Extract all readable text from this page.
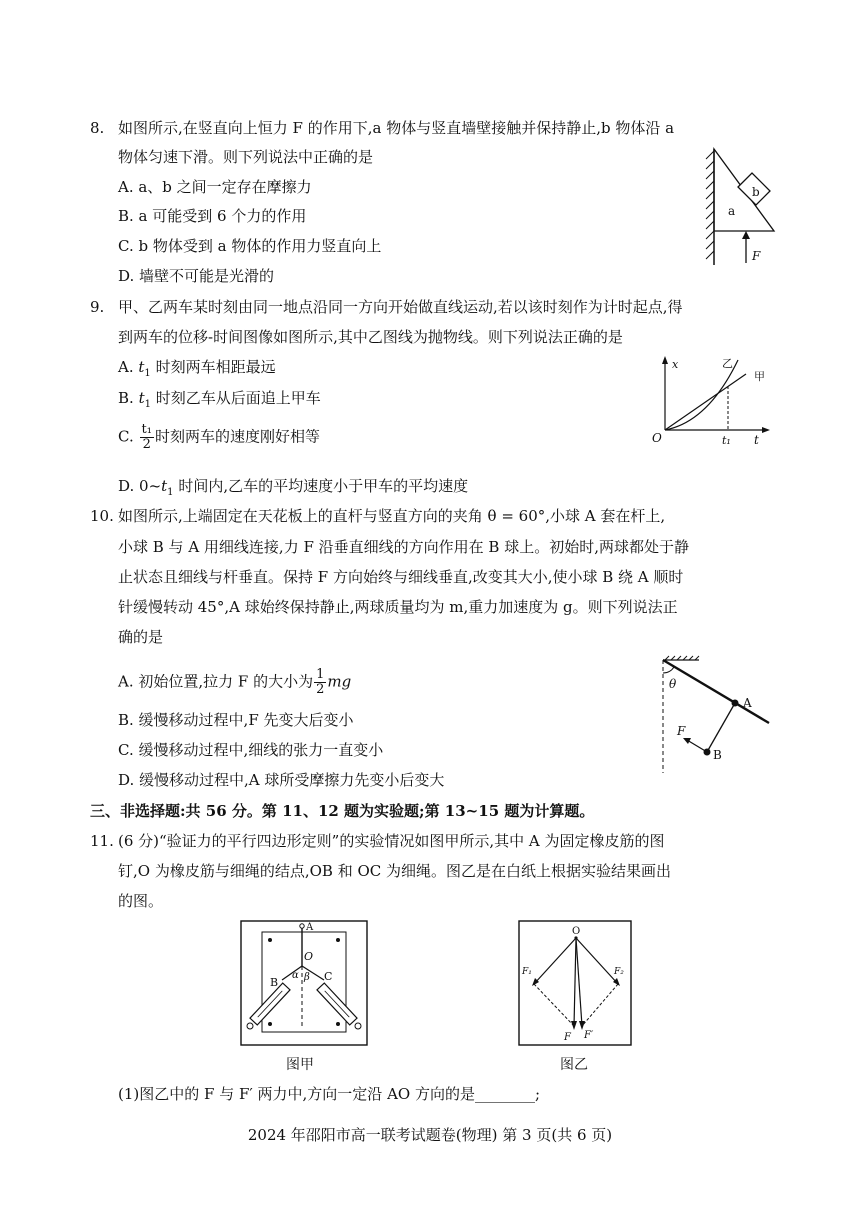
8. 如图所示,在竖直向上恒力 F 的作用下,a 物体与竖直墙壁接触并保持静止,b 物体沿 a
物体匀速下滑。则下列说法中正确的是
A. a、b 之间一定存在摩擦力
B. a 可能受到 6 个力的作用
C. b 物体受到 a 物体的作用力竖直向上
D. 墙壁不可能是光滑的
a
b
F
9. 甲、乙两车某时刻由同一地点沿同一方向开始做直线运动,若以该时刻作为计时起点,得
到两车的位移-时间图像如图所示,其中乙图线为抛物线。则下列说法正确的是
A. $t_1$ 时刻两车相距最远
B. $t_1$ 时刻乙车从后面追上甲车
C. $\frac{\text{t₁}}{2}$ 时刻两车的速度刚好相等
D. $0\sim t_1$ 时间内,乙车的平均速度小于甲车的平均速度
x	乙
甲
O	t₁ t
10. 如图所示,上端固定在天花板上的直杆与竖直方向的夹角 θ = 60°,小球 A 套在杆上,
小球 B 与 A 用细线连接,力 F 沿垂直细线的方向作用在 B 球上。初始时,两球都处于静
止状态且细线与杆垂直。保持 F 方向始终与细线垂直,改变其大小,使小球 B 绕 A 顺时
针缓慢转动 45°,A 球始终保持静止,两球质量均为 m,重力加速度为 g。则下列说法正
确的是
A. 初始位置,拉力 F 的大小为 $\frac{1}{2}$ mg
B. 缓慢移动过程中,F 先变大后变小
C. 缓慢移动过程中,细线的张力一直变小
D. 缓慢移动过程中,A 球所受摩擦力先变小后变大
θ
A
B
F
三、非选择题:共 56 分。第 11、12 题为实验题;第 13~15 题为计算题。
11. (6 分)“验证力的平行四边形定则”的实验情况如图甲所示,其中 A 为固定橡皮筋的图
钉,O 为橡皮筋与细绳的结点,OB 和 OC 为细绳。图乙是在白纸上根据实验结果画出
的图。
A
O
α β
B	C
图甲
O
F₁	F₂
F F′
图乙
(1)图乙中的 F 与 F′ 两力中,方向一定沿 AO 方向的是________;
2024 年邵阳市高一联考试题卷(物理) 第 3 页(共 6 页)
